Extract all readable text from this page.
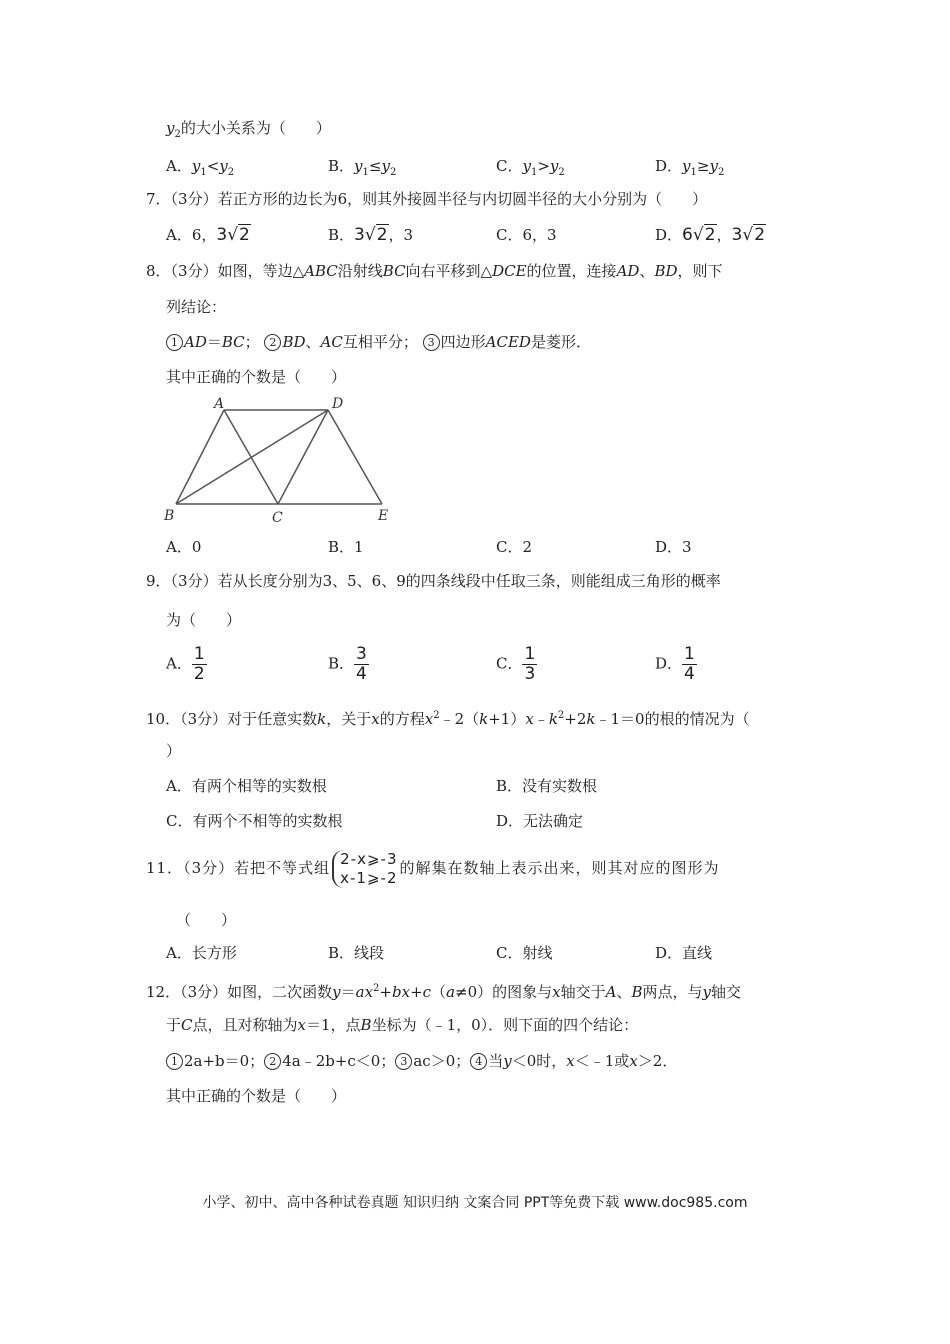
$y_2$的大小关系为（　　）
A．$y_1<y_2$	B．$y_1\le y_2$	C．$y_1>y_2$	D．$y_1\ge y_2$
7．（3分）若正方形的边长为6，则其外接圆半径与内切圆半径的大小分别为（　　）
A．6，3√2	B．3√2，3	C．6，3	D．6√2，3√2
8．（3分）如图，等边△ABC沿射线BC向右平移到△DCE的位置，连接AD、BD，则下
列结论：
1 AD＝BC； 2 BD、AC互相平分； 3 四边形ACED是菱形．
其中正确的个数是（　　）
A	D
B	C	E
A．0	B．1	C．2	D．3
9．（3分）若从长度分别为3、5、6、9的四条线段中任取三条，则能组成三角形的概率
为（　　）
A． $\frac{1}{2}$	B． $\frac{3}{4}$	C． $\frac{1}{3}$	D． $\frac{1}{4}$
10．（3分）对于任意实数k，关于x的方程$x^2﹣2(k+1)x﹣k^2+2k﹣1=0$的根的情况为（
）
A．有两个相等的实数根	B．没有实数根
C．有两个不相等的实数根	D．无法确定
11．（3分）若把不等式组 2-x⩾-3
x-1⩾-2
的解集在数轴上表示出来，则其对应的图形为
（　　）
A．长方形	B．线段	C．射线	D．直线
12．（3分）如图，二次函数$y=ax^2+bx+c(a\ne 0)$的图象与x轴交于A、B两点，与y轴交
于C点，且对称轴为x＝1，点B坐标为（﹣1，0）．则下面的四个结论：
1 2a+b＝0； 2 4a﹣2b+c＜0； 3 ac＞0； 4 当y＜0时，x＜﹣1或x＞2．
其中正确的个数是（　　）
小学、初中、高中各种试卷真题 知识归纳 文案合同 PPT等免费下载 www.doc985.com
